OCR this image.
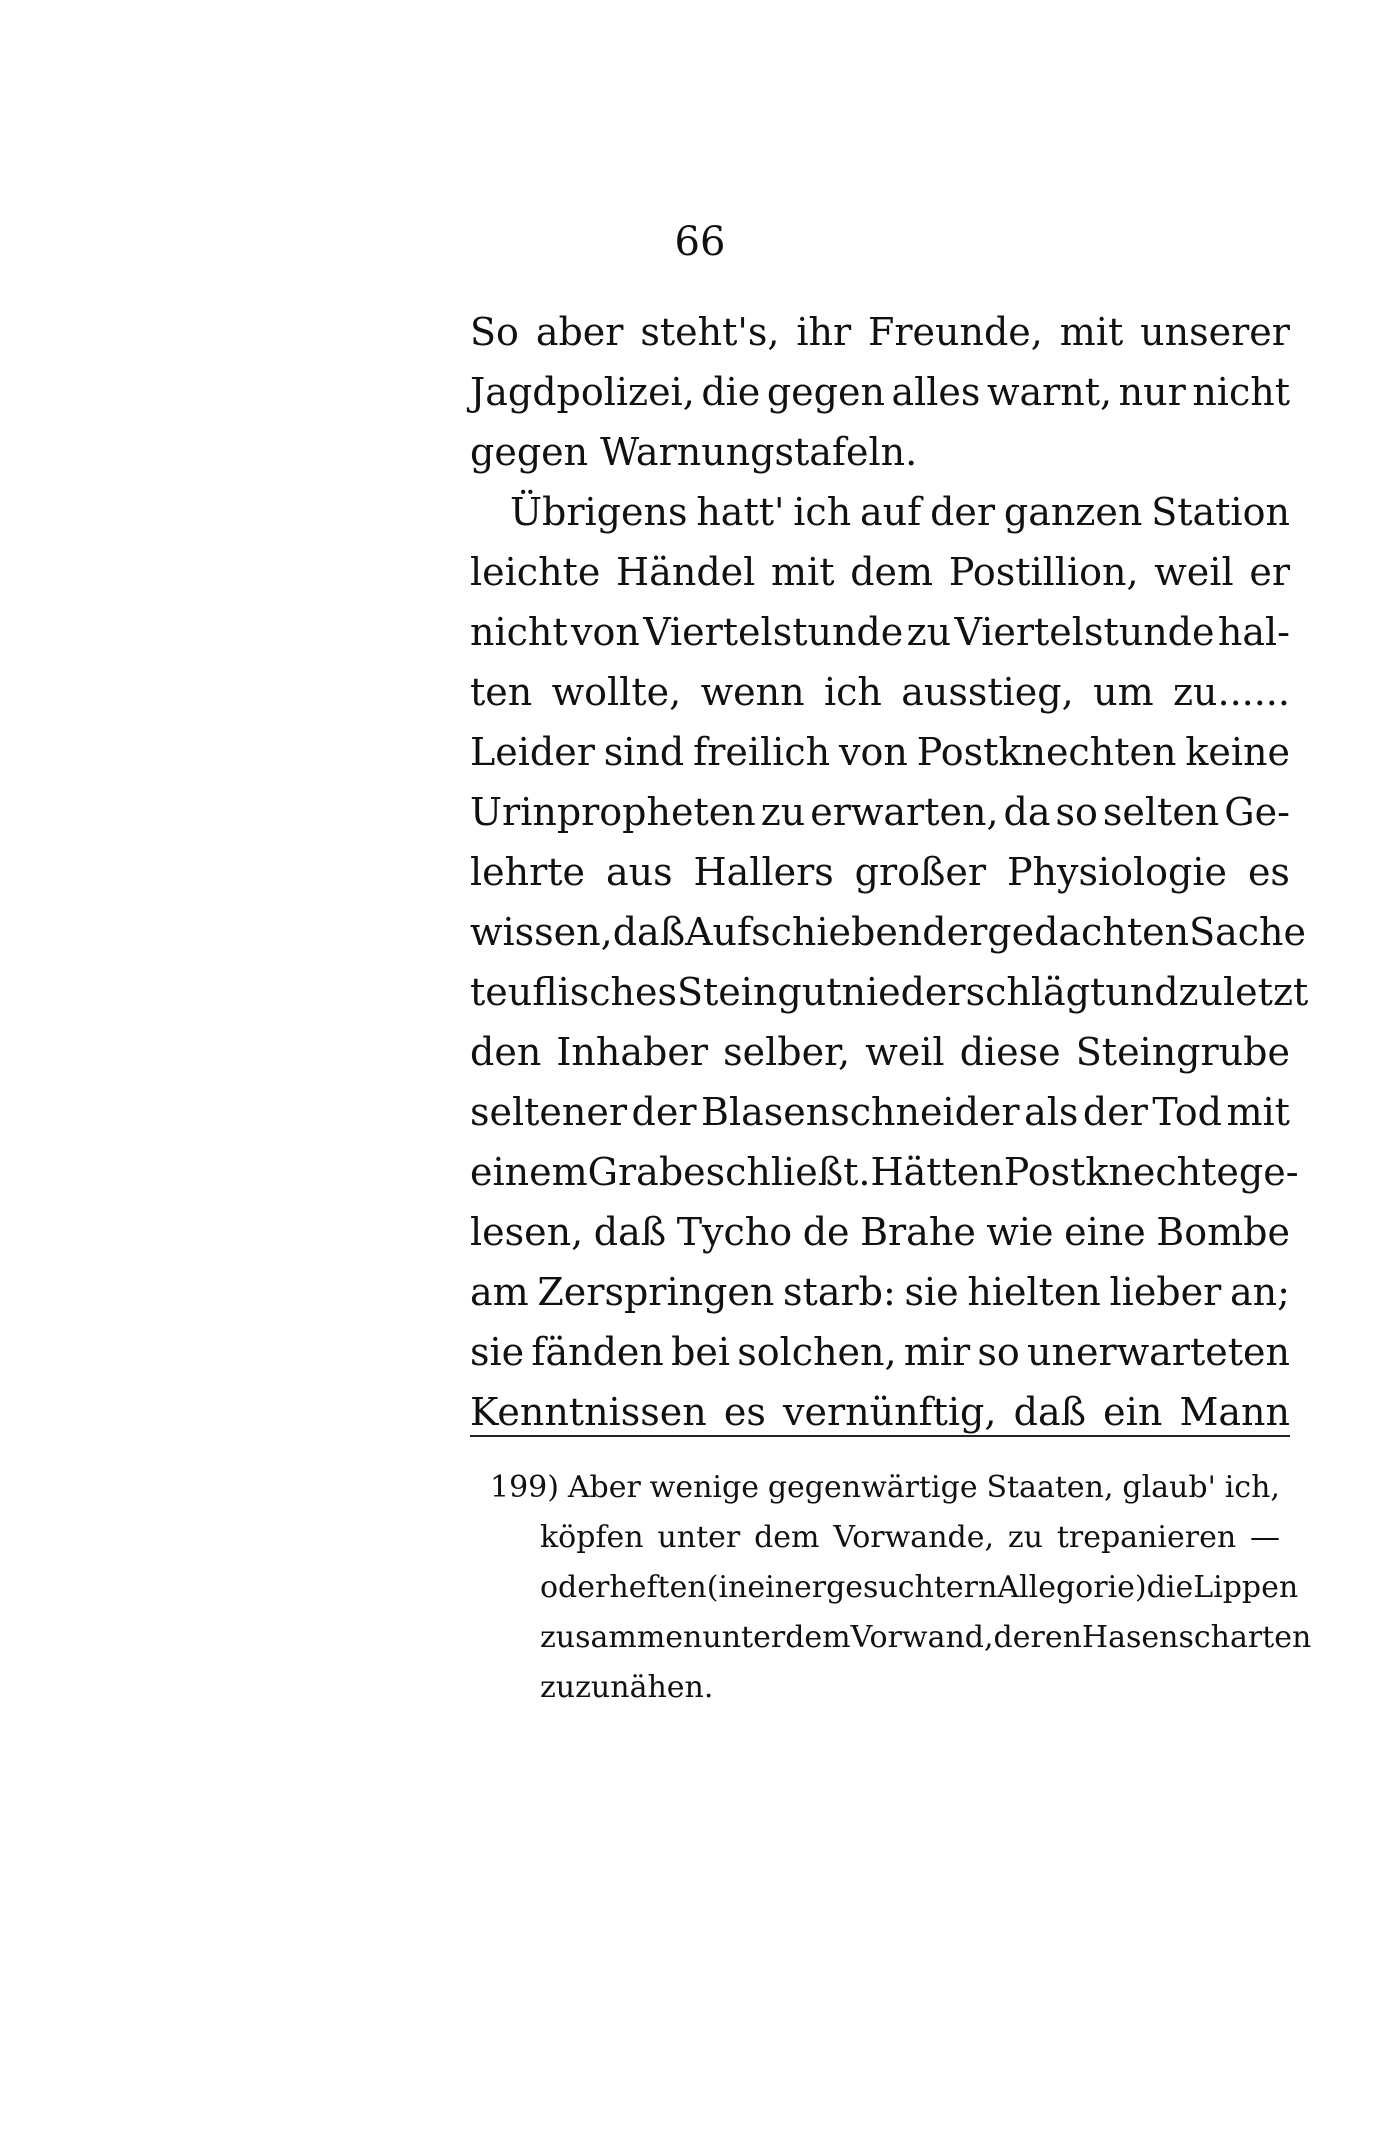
66
So aber steht's, ihr Freunde, mit unserer
Jagdpolizei, die gegen alles warnt, nur nicht
gegen Warnungstafeln.
Übrigens hatt' ich auf der ganzen Station
leichte Händel mit dem Postillion, weil er
nicht von Viertelstunde zu Viertelstunde hal-
ten wollte, wenn ich ausstieg, um zu......
Leider sind freilich von Postknechten keine
Urinpropheten zu erwarten, da so selten Ge-
lehrte aus Hallers großer Physiologie es
wissen, daß Aufschieben der gedachten Sache
teuflisches Steingut niederschlägt und zuletzt
den Inhaber selber, weil diese Steingrube
seltener der Blasenschneider als der Tod mit
einem Grabe schließt. Hätten Postknechte ge-
lesen, daß Tycho de Brahe wie eine Bombe
am Zerspringen starb: sie hielten lieber an;
sie fänden bei solchen, mir so unerwarteten
Kenntnissen es vernünftig, daß ein Mann
199) Aber wenige gegenwärtige Staaten, glaub' ich,
köpfen unter dem Vorwande, zu trepanieren —
oder heften (in einer gesuchtern Allegorie) die Lippen
zusammen unter dem Vorwand, deren Hasenscharten
zuzunähen.
